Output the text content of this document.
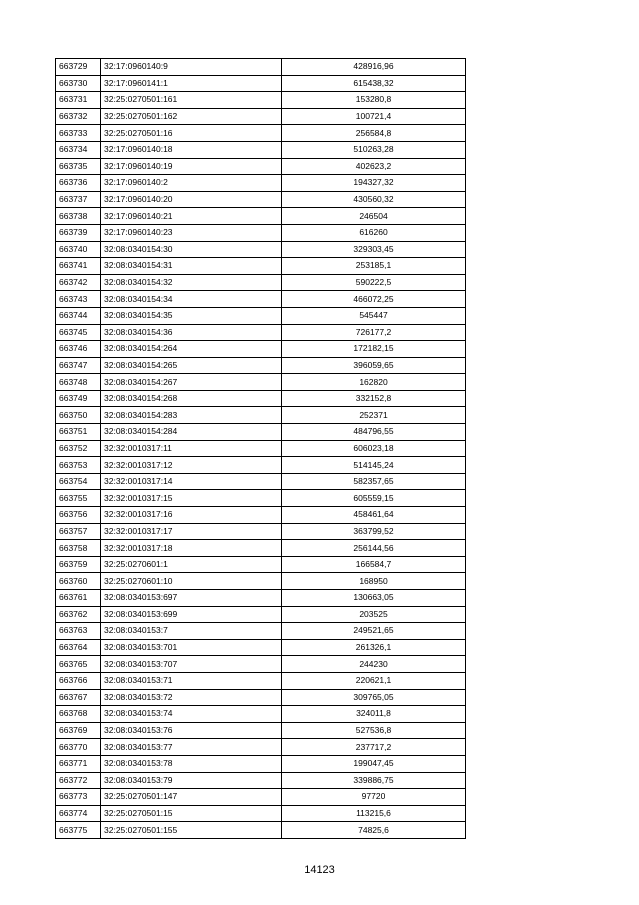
663729	32:17:0960140:9	428916,96
663730	32:17:0960141:1	615438,32
663731	32:25:0270501:161	153280,8
663732	32:25:0270501:162	100721,4
663733	32:25:0270501:16	256584,8
663734	32:17:0960140:18	510263,28
663735	32:17:0960140:19	402623,2
663736	32:17:0960140:2	194327,32
663737	32:17:0960140:20	430560,32
663738	32:17:0960140:21	246504
663739	32:17:0960140:23	616260
663740	32:08:0340154:30	329303,45
663741	32:08:0340154:31	253185,1
663742	32:08:0340154:32	590222,5
663743	32:08:0340154:34	466072,25
663744	32:08:0340154:35	545447
663745	32:08:0340154:36	726177,2
663746	32:08:0340154:264	172182,15
663747	32:08:0340154:265	396059,65
663748	32:08:0340154:267	162820
663749	32:08:0340154:268	332152,8
663750	32:08:0340154:283	252371
663751	32:08:0340154:284	484796,55
663752	32:32:0010317:11	606023,18
663753	32:32:0010317:12	514145,24
663754	32:32:0010317:14	582357,65
663755	32:32:0010317:15	605559,15
663756	32:32:0010317:16	458461,64
663757	32:32:0010317:17	363799,52
663758	32:32:0010317:18	256144,56
663759	32:25:0270601:1	166584,7
663760	32:25:0270601:10	168950
663761	32:08:0340153:697	130663,05
663762	32:08:0340153:699	203525
663763	32:08:0340153:7	249521,65
663764	32:08:0340153:701	261326,1
663765	32:08:0340153:707	244230
663766	32:08:0340153:71	220621,1
663767	32:08:0340153:72	309765,05
663768	32:08:0340153:74	324011,8
663769	32:08:0340153:76	527536,8
663770	32:08:0340153:77	237717,2
663771	32:08:0340153:78	199047,45
663772	32:08:0340153:79	339886,75
663773	32:25:0270501:147	97720
663774	32:25:0270501:15	113215,6
663775	32:25:0270501:155	74825,6
14123
